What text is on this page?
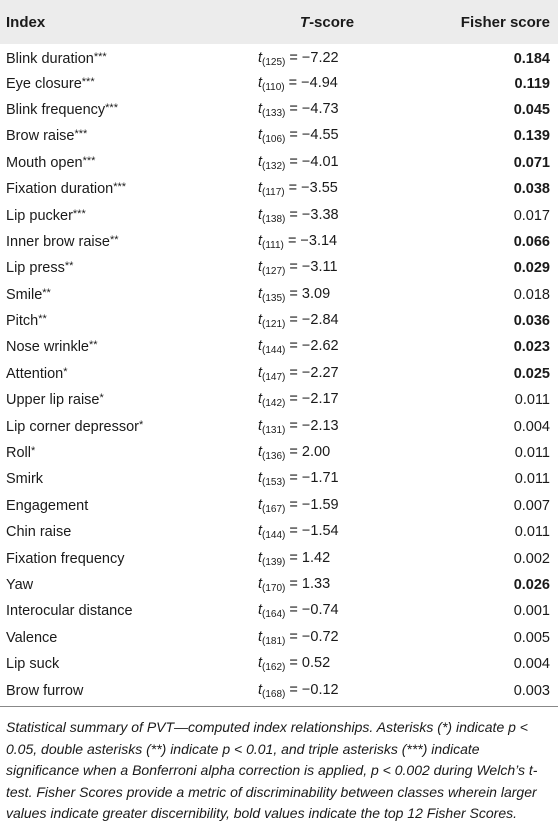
Index	T-score	Fisher score
Blink duration***	$t_{(125)} = -7.22$	0.184
Eye closure***	$t_{(110)} = -4.94$	0.119
Blink frequency***	$t_{(133)} = -4.73$	0.045
Brow raise***	$t_{(106)} = -4.55$	0.139
Mouth open***	$t_{(132)} = -4.01$	0.071
Fixation duration***	$t_{(117)} = -3.55$	0.038
Lip pucker***	$t_{(138)} = -3.38$	0.017
Inner brow raise**	$t_{(111)} = -3.14$	0.066
Lip press**	$t_{(127)} = -3.11$	0.029
Smile**	$t_{(135)} = 3.09$	0.018
Pitch**	$t_{(121)} = -2.84$	0.036
Nose wrinkle**	$t_{(144)} = -2.62$	0.023
Attention*	$t_{(147)} = -2.27$	0.025
Upper lip raise*	$t_{(142)} = -2.17$	0.011
Lip corner depressor*	$t_{(131)} = -2.13$	0.004
Roll*	$t_{(136)} = 2.00$	0.011
Smirk	$t_{(153)} = -1.71$	0.011
Engagement	$t_{(167)} = -1.59$	0.007
Chin raise	$t_{(144)} = -1.54$	0.011
Fixation frequency	$t_{(139)} = 1.42$	0.002
Yaw	$t_{(170)} = 1.33$	0.026
Interocular distance	$t_{(164)} = -0.74$	0.001
Valence	$t_{(181)} = -0.72$	0.005
Lip suck	$t_{(162)} = 0.52$	0.004
Brow furrow	$t_{(168)} = -0.12$	0.003
Statistical summary of PVT—computed index relationships. Asterisks (*) indicate p < 0.05, double asterisks (**) indicate p < 0.01, and triple asterisks (***) indicate significance when a Bonferroni alpha correction is applied, p < 0.002 during Welch’s t-test. Fisher Scores provide a metric of discriminability between classes wherein larger values indicate greater discernibility, bold values indicate the top 12 Fisher Scores.
